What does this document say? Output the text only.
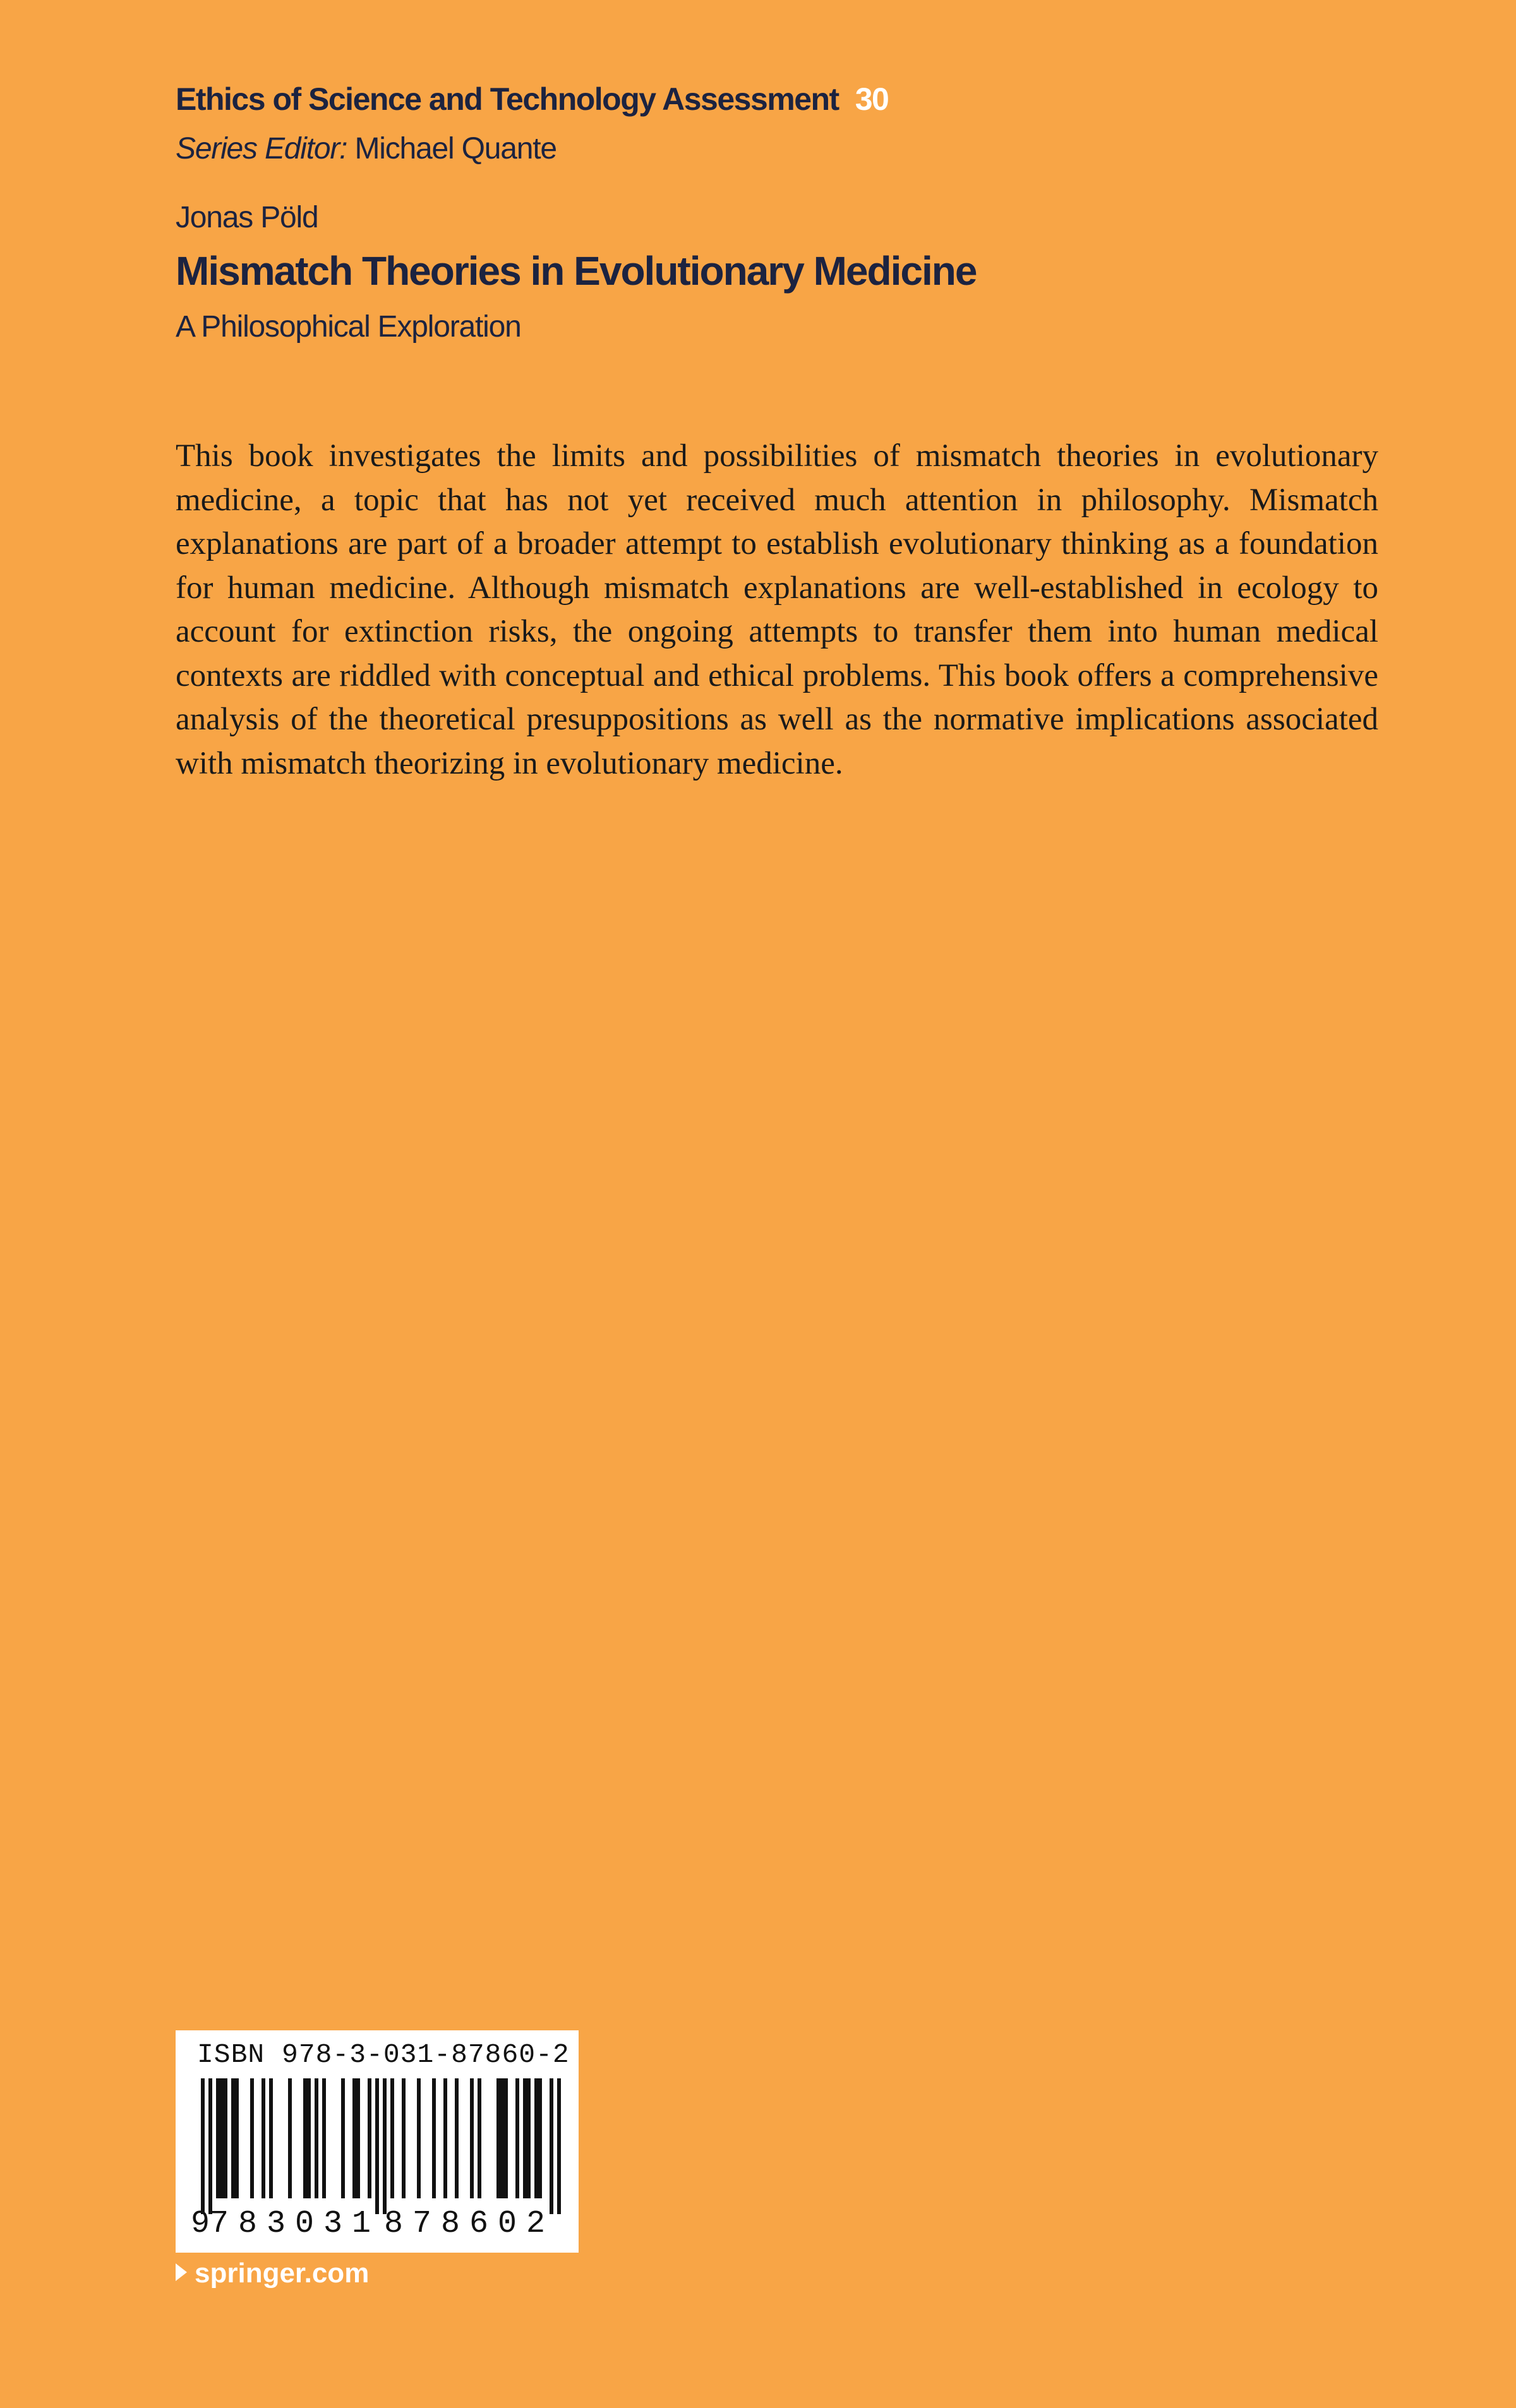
Ethics of Science and Technology Assessment 30
Series Editor: Michael Quante
Jonas Pöld
Mismatch Theories in Evolutionary Medicine
A Philosophical Exploration

This book investigates the limits and possibilities of mismatch theories in evolutionary medicine, a topic that has not yet received much attention in philosophy. Mismatch explanations are part of a broader attempt to establish evolutionary thinking as a foundation for human medicine. Although mismatch explanations are well-established in ecology to account for extinction risks, the ongoing attempts to transfer them into human medical contexts are riddled with conceptual and ethical problems. This book offers a comprehensive analysis of the theoretical presuppositions as well as the normative implications associated with mismatch theorizing in evolutionary medicine.

ISBN 978-3-031-87860-2
9 783031 878602
springer.com
